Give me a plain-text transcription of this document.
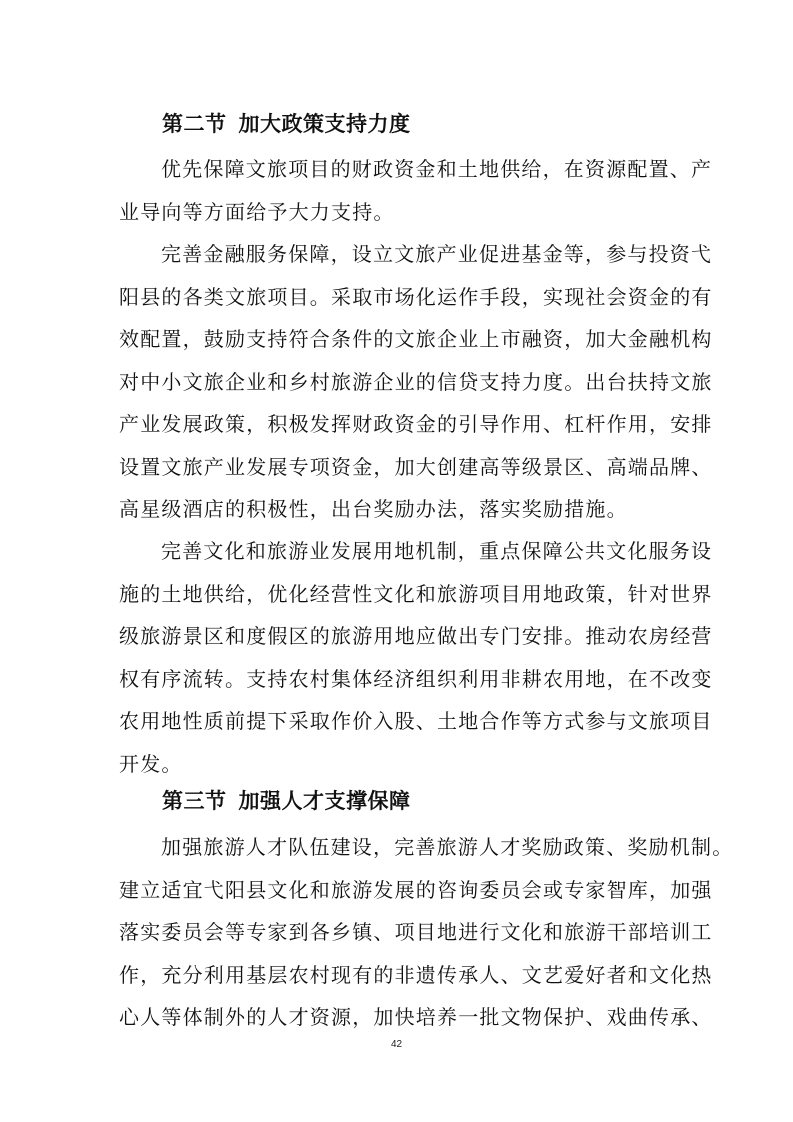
第二节 加大政策支持力度
优先保障文旅项目的财政资金和土地供给，在资源配置、产
业导向等方面给予大力支持。
完善金融服务保障，设立文旅产业促进基金等，参与投资弋
阳县的各类文旅项目。采取市场化运作手段，实现社会资金的有
效配置，鼓励支持符合条件的文旅企业上市融资，加大金融机构
对中小文旅企业和乡村旅游企业的信贷支持力度。出台扶持文旅
产业发展政策，积极发挥财政资金的引导作用、杠杆作用，安排
设置文旅产业发展专项资金，加大创建高等级景区、高端品牌、
高星级酒店的积极性，出台奖励办法，落实奖励措施。
完善文化和旅游业发展用地机制，重点保障公共文化服务设
施的土地供给，优化经营性文化和旅游项目用地政策，针对世界
级旅游景区和度假区的旅游用地应做出专门安排。推动农房经营
权有序流转。支持农村集体经济组织利用非耕农用地，在不改变
农用地性质前提下采取作价入股、土地合作等方式参与文旅项目
开发。
第三节 加强人才支撑保障
加强旅游人才队伍建设，完善旅游人才奖励政策、奖励机制。
建立适宜弋阳县文化和旅游发展的咨询委员会或专家智库，加强
落实委员会等专家到各乡镇、项目地进行文化和旅游干部培训工
作，充分利用基层农村现有的非遗传承人、文艺爱好者和文化热
心人等体制外的人才资源，加快培养一批文物保护、戏曲传承、
42
